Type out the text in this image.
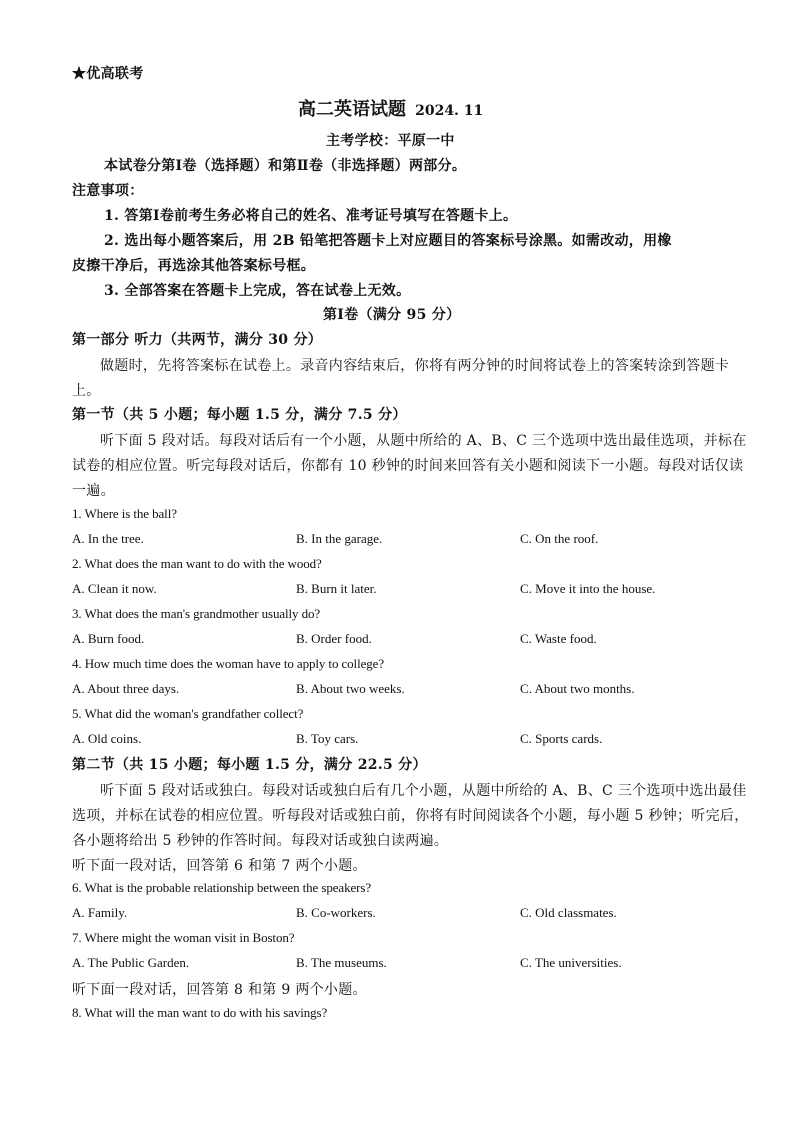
★优高联考
高二英语试题 2024. 11
主考学校：平原一中
本试卷分第Ⅰ卷（选择题）和第Ⅱ卷（非选择题）两部分。
注意事项：
1. 答第Ⅰ卷前考生务必将自己的姓名、准考证号填写在答题卡上。
2. 选出每小题答案后，用 2B 铅笔把答题卡上对应题目的答案标号涂黑。如需改动，用橡
皮擦干净后，再选涂其他答案标号框。
3. 全部答案在答题卡上完成，答在试卷上无效。
第Ⅰ卷（满分 95 分）
第一部分 听力（共两节，满分 30 分）
做题时，先将答案标在试卷上。录音内容结束后，你将有两分钟的时间将试卷上的答案转涂到答题卡
上。
第一节（共 5 小题；每小题 1.5 分，满分 7.5 分）
听下面 5 段对话。每段对话后有一个小题，从题中所给的 A、B、C 三个选项中选出最佳选项，并标在
试卷的相应位置。听完每段对话后，你都有 10 秒钟的时间来回答有关小题和阅读下一小题。每段对话仅读
一遍。
1. Where is the ball?
A. In the tree.	B. In the garage.	C. On the roof.
2. What does the man want to do with the wood?
A. Clean it now.	B. Burn it later.	C. Move it into the house.
3. What does the man's grandmother usually do?
A. Burn food.	B. Order food.	C. Waste food.
4. How much time does the woman have to apply to college?
A. About three days.	B. About two weeks.	C. About two months.
5. What did the woman's grandfather collect?
A. Old coins.	B. Toy cars.	C. Sports cards.
第二节（共 15 小题；每小题 1.5 分，满分 22.5 分）
听下面 5 段对话或独白。每段对话或独白后有几个小题，从题中所给的 A、B、C 三个选项中选出最佳
选项，并标在试卷的相应位置。听每段对话或独白前，你将有时间阅读各个小题，每小题 5 秒钟；听完后，
各小题将给出 5 秒钟的作答时间。每段对话或独白读两遍。
听下面一段对话，回答第 6 和第 7 两个小题。
6. What is the probable relationship between the speakers?
A. Family.	B. Co-workers.	C. Old classmates.
7. Where might the woman visit in Boston?
A. The Public Garden.	B. The museums.	C. The universities.
听下面一段对话，回答第 8 和第 9 两个小题。
8. What will the man want to do with his savings?
